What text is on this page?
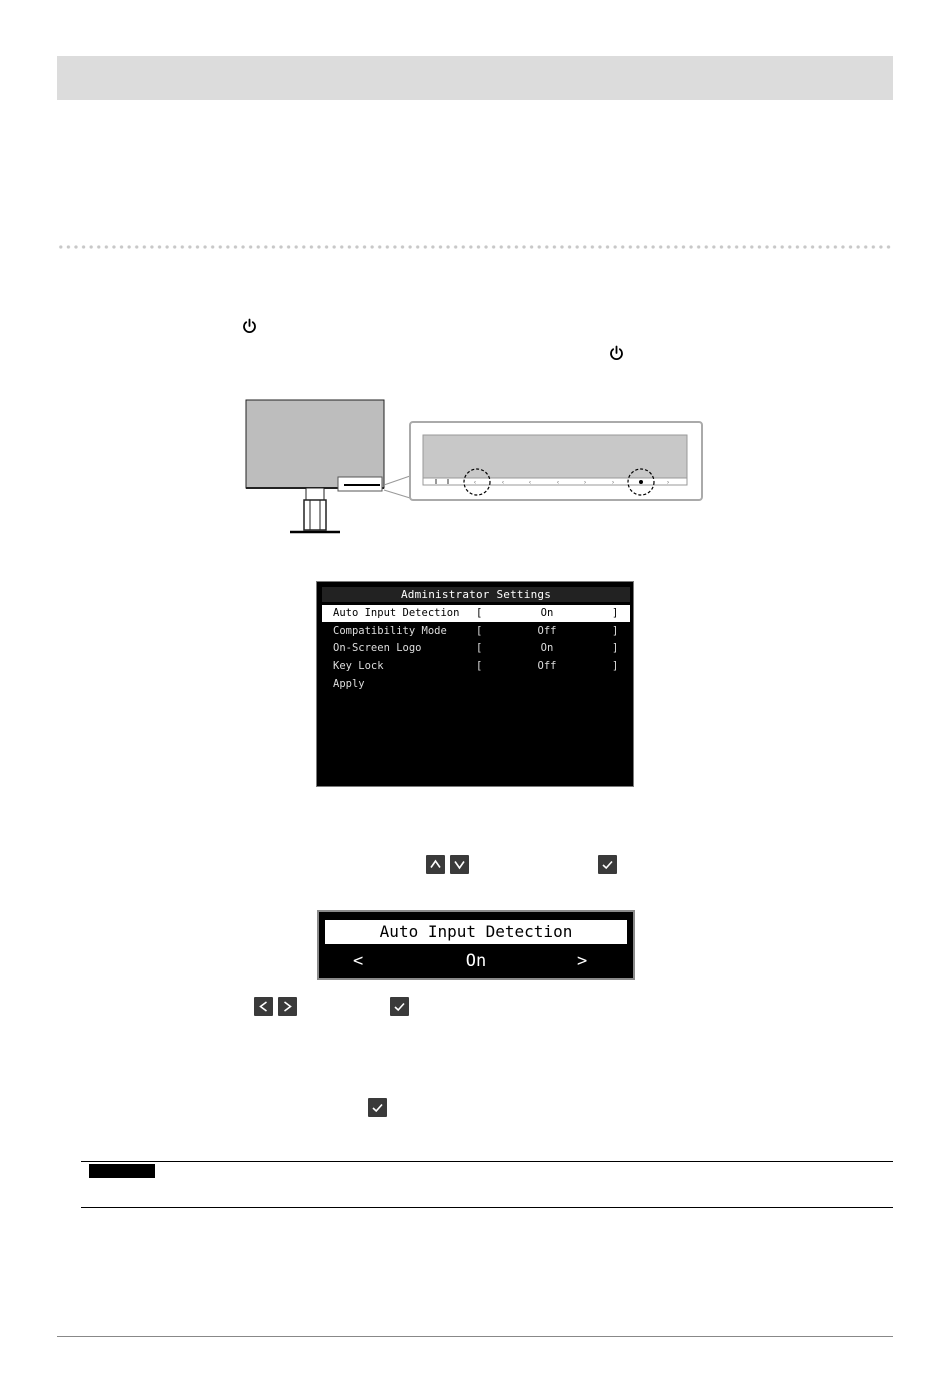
‹	‹	‹	‹	›	›	›
Administrator Settings
Auto Input Detection [	On	]
Compatibility Mode	[	Off	]
On-Screen Logo	[	On	]
Key Lock	[	Off	]
Apply
Auto Input Detection
<	On	>
